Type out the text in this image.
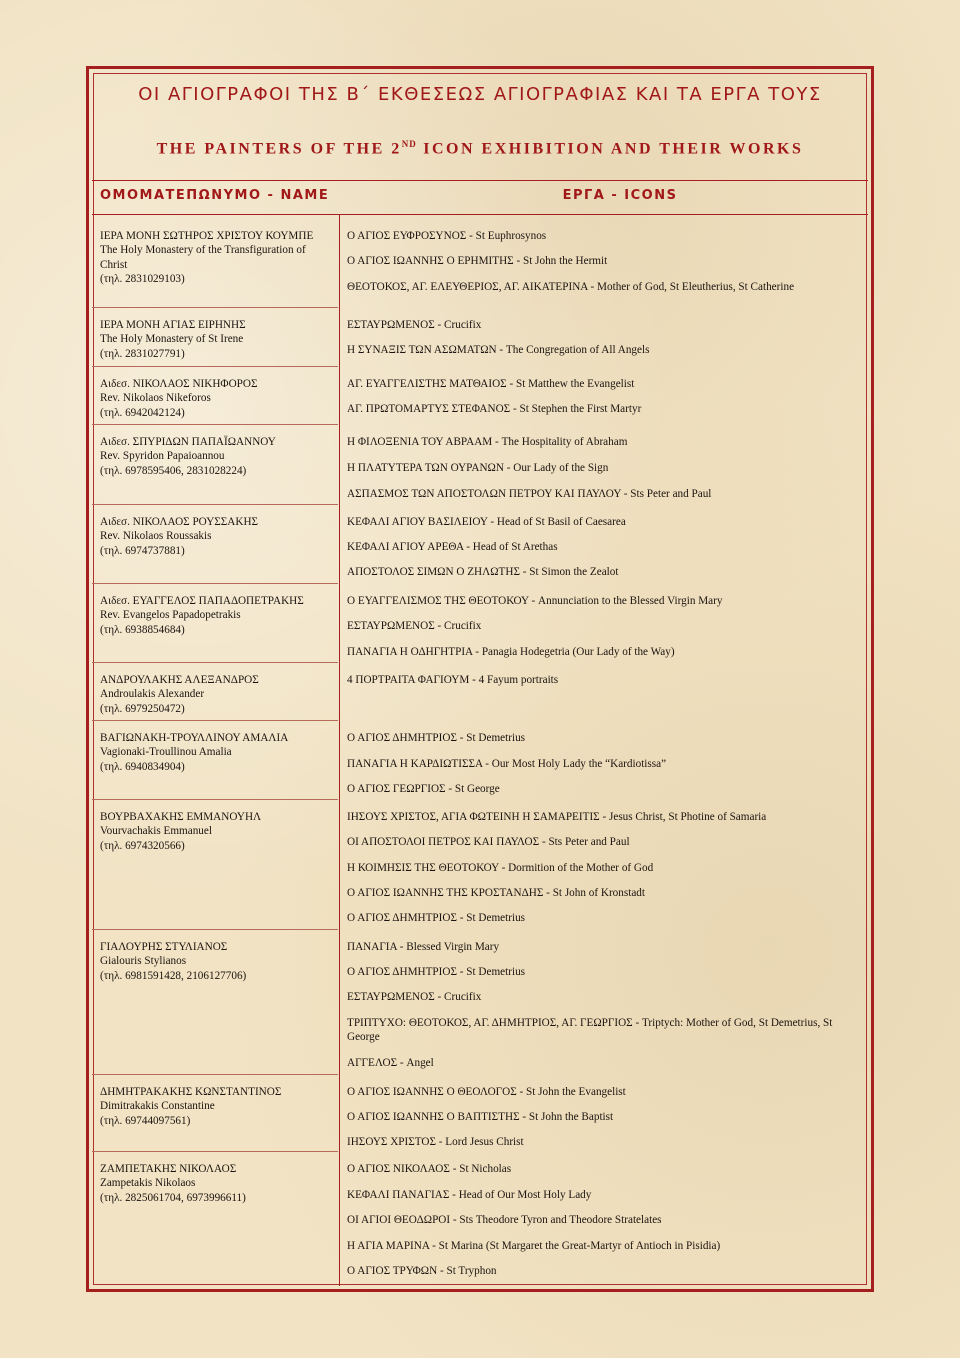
ΟΙ ΑΓΙΟΓΡΑΦΟΙ ΤΗΣ Β΄ ΕΚΘΕΣΕΩΣ ΑΓΙΟΓΡΑΦΙΑΣ ΚΑΙ ΤΑ ΕΡΓΑ ΤΟΥΣ
THE PAINTERS OF THE 2ND ICON EXHIBITION AND THEIR WORKS
ΟΜΟΜΑΤΕΠΩΝΥΜΟ - NAME	ΕΡΓΑ - ICONS
ΙΕΡΑ ΜΟΝΗ ΣΩΤΗΡΟΣ ΧΡΙΣΤΟΥ ΚΟΥΜΠΕ
The Holy Monastery of the Transfiguration of Christ
(τηλ. 2831029103)
ΙΕΡΑ ΜΟΝΗ ΑΓΙΑΣ ΕΙΡΗΝΗΣ
The Holy Monastery of St Irene
(τηλ. 2831027791)
Αιδεσ. ΝΙΚΟΛΑΟΣ ΝΙΚΗΦΟΡΟΣ
Rev. Nikolaos Nikeforos
(τηλ. 6942042124)
Αιδεσ. ΣΠΥΡΙΔΩΝ ΠΑΠΑΪΩΑΝΝΟΥ
Rev. Spyridon Papaioannou
(τηλ. 6978595406, 2831028224)
Αιδεσ. ΝΙΚΟΛΑΟΣ ΡΟΥΣΣΑΚΗΣ
Rev. Nikolaos Roussakis
(τηλ. 6974737881)
Αιδεσ. ΕΥΑΓΓΕΛΟΣ ΠΑΠΑΔΟΠΕΤΡΑΚΗΣ
Rev. Evangelos Papadopetrakis
(τηλ. 6938854684)
ΑΝΔΡΟΥΛΑΚΗΣ ΑΛΕΞΑΝΔΡΟΣ
Androulakis Alexander
(τηλ. 6979250472)
ΒΑΓΙΩΝΑΚΗ-ΤΡΟΥΛΛΙΝΟΥ ΑΜΑΛΙΑ
Vagionaki-Troullinou Amalia
(τηλ. 6940834904)
ΒΟΥΡΒΑΧΑΚΗΣ ΕΜΜΑΝΟΥΗΛ
Vourvachakis Emmanuel
(τηλ. 6974320566)
ΓΙΑΛΟΥΡΗΣ ΣΤΥΛΙΑΝΟΣ
Gialouris Stylianos
(τηλ. 6981591428, 2106127706)
ΔΗΜΗΤΡΑΚΑΚΗΣ ΚΩΝΣΤΑΝΤΙΝΟΣ
Dimitrakakis Constantine
(τηλ. 69744097561)
ΖΑΜΠΕΤΑΚΗΣ ΝΙΚΟΛΑΟΣ
Zampetakis Nikolaos
(τηλ. 2825061704, 6973996611)
Ο ΑΓΙΟΣ ΕΥΦΡΟΣΥΝΟΣ - St Euphrosynos
Ο ΑΓΙΟΣ ΙΩΑΝΝΗΣ Ο ΕΡΗΜΙΤΗΣ - St John the Hermit
ΘΕΟΤΟΚΟΣ, ΑΓ. ΕΛΕΥΘΕΡΙΟΣ, ΑΓ. ΑΙΚΑΤΕΡΙΝΑ - Mother of God, St Eleutherius, St Catherine
ΕΣΤΑΥΡΩΜΕΝΟΣ - Crucifix
Η ΣΥΝΑΞΙΣ ΤΩΝ ΑΣΩΜΑΤΩΝ - The Congregation of All Angels
ΑΓ. ΕΥΑΓΓΕΛΙΣΤΗΣ ΜΑΤΘΑΙΟΣ - St Matthew the Evangelist
ΑΓ. ΠΡΩΤΟΜΑΡΤΥΣ ΣΤΕΦΑΝΟΣ - St Stephen the First Martyr
Η ΦΙΛΟΞΕΝΙΑ ΤΟΥ ΑΒΡΑΑΜ - The Hospitality of Abraham
Η ΠΛΑΤΥΤΕΡΑ ΤΩΝ ΟΥΡΑΝΩΝ - Our Lady of the Sign
ΑΣΠΑΣΜΟΣ ΤΩΝ ΑΠΟΣΤΟΛΩΝ ΠΕΤΡΟΥ ΚΑΙ ΠΑΥΛΟΥ - Sts Peter and Paul
ΚΕΦΑΛΙ ΑΓΙΟΥ ΒΑΣΙΛΕΙΟΥ - Head of St Basil of Caesarea
ΚΕΦΑΛΙ ΑΓΙΟΥ ΑΡΕΘΑ - Head of St Arethas
ΑΠΟΣΤΟΛΟΣ ΣΙΜΩΝ Ο ΖΗΛΩΤΗΣ - St Simon the Zealot
Ο ΕΥΑΓΓΕΛΙΣΜΟΣ ΤΗΣ ΘΕΟΤΟΚΟΥ - Annunciation to the Blessed Virgin Mary
ΕΣΤΑΥΡΩΜΕΝΟΣ - Crucifix
ΠΑΝΑΓΙΑ Η ΟΔΗΓΗΤΡΙΑ - Panagia Hodegetria (Our Lady of the Way)
4 ΠΟΡΤΡΑΙΤΑ ΦΑΓΙΟΥΜ - 4 Fayum portraits
Ο ΑΓΙΟΣ ΔΗΜΗΤΡΙΟΣ - St Demetrius
ΠΑΝΑΓΙΑ Η ΚΑΡΔΙΩΤΙΣΣΑ - Our Most Holy Lady the “Kardiotissa”
Ο ΑΓΙΟΣ ΓΕΩΡΓΙΟΣ - St George
ΙΗΣΟΥΣ ΧΡΙΣΤΟΣ, ΑΓΙΑ ΦΩΤΕΙΝΗ Η ΣΑΜΑΡΕΙΤΙΣ - Jesus Christ, St Photine of Samaria
ΟΙ ΑΠΟΣΤΟΛΟΙ ΠΕΤΡΟΣ ΚΑΙ ΠΑΥΛΟΣ - Sts Peter and Paul
Η ΚΟΙΜΗΣΙΣ ΤΗΣ ΘΕΟΤΟΚΟΥ - Dormition of the Mother of God
Ο ΑΓΙΟΣ ΙΩΑΝΝΗΣ ΤΗΣ ΚΡΟΣΤΑΝΔΗΣ - St John of Kronstadt
Ο ΑΓΙΟΣ ΔΗΜΗΤΡΙΟΣ - St Demetrius
ΠΑΝΑΓΙΑ - Blessed Virgin Mary
Ο ΑΓΙΟΣ ΔΗΜΗΤΡΙΟΣ - St Demetrius
ΕΣΤΑΥΡΩΜΕΝΟΣ - Crucifix
ΤΡΙΠΤΥΧΟ: ΘΕΟΤΟΚΟΣ, ΑΓ. ΔΗΜΗΤΡΙΟΣ, ΑΓ. ΓΕΩΡΓΙΟΣ - Triptych: Mother of God, St Demetrius, St George
ΑΓΓΕΛΟΣ - Angel
Ο ΑΓΙΟΣ ΙΩΑΝΝΗΣ Ο ΘΕΟΛΟΓΟΣ - St John the Evangelist
Ο ΑΓΙΟΣ ΙΩΑΝΝΗΣ Ο ΒΑΠΤΙΣΤΗΣ - St John the Baptist
ΙΗΣΟΥΣ ΧΡΙΣΤΟΣ - Lord Jesus Christ
Ο ΑΓΙΟΣ ΝΙΚΟΛΑΟΣ - St Nicholas
ΚΕΦΑΛΙ ΠΑΝΑΓΙΑΣ - Head of Our Most Holy Lady
ΟΙ ΑΓΙΟΙ ΘΕΟΔΩΡΟΙ - Sts Theodore Tyron and Theodore Stratelates
Η ΑΓΙΑ ΜΑΡΙΝΑ - St Marina (St Margaret the Great-Martyr of Antioch in Pisidia)
Ο ΑΓΙΟΣ ΤΡΥΦΩΝ - St Tryphon
